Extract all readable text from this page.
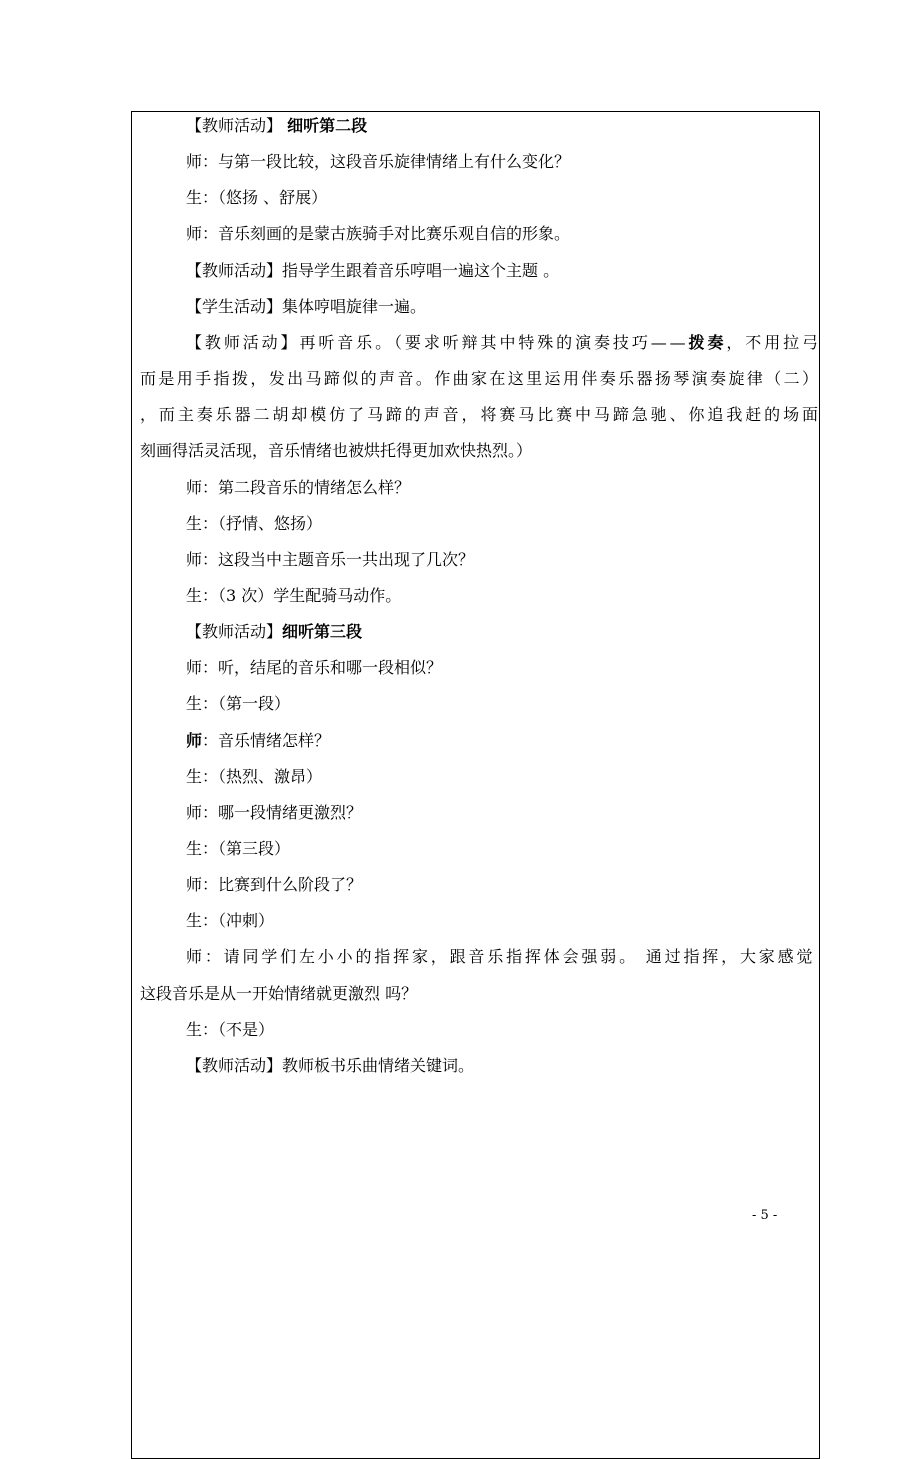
【教师活动】 细听第二段
师：与第一段比较，这段音乐旋律情绪上有什么变化？
生：（悠扬 、舒展）
师：音乐刻画的是蒙古族骑手对比赛乐观自信的形象。
【教师活动】指导学生跟着音乐哼唱一遍这个主题 。
【学生活动】集体哼唱旋律一遍。
【教师活动】再听音乐。（要求听辩其中特殊的演奏技巧——拨奏，不用拉弓
而是用手指拨，发出马蹄似的声音。作曲家在这里运用伴奏乐器扬琴演奏旋律（二）
，而主奏乐器二胡却模仿了马蹄的声音，将赛马比赛中马蹄急驰、你追我赶的场面
刻画得活灵活现，音乐情绪也被烘托得更加欢快热烈。）
师：第二段音乐的情绪怎么样？
生：（抒情、悠扬）
师：这段当中主题音乐一共出现了几次？
生：（3 次）学生配骑马动作。
【教师活动】细听第三段
师：听，结尾的音乐和哪一段相似？
生：（第一段）
师：音乐情绪怎样？
生：（热烈、激昂）
师：哪一段情绪更激烈？
生：（第三段）
师：比赛到什么阶段了？
生：（冲刺）
师：请同学们左小小的指挥家，跟音乐指挥体会强弱。 通过指挥，大家感觉
这段音乐是从一开始情绪就更激烈 吗？
生：（不是）
【教师活动】教师板书乐曲情绪关键词。
- 5 -
